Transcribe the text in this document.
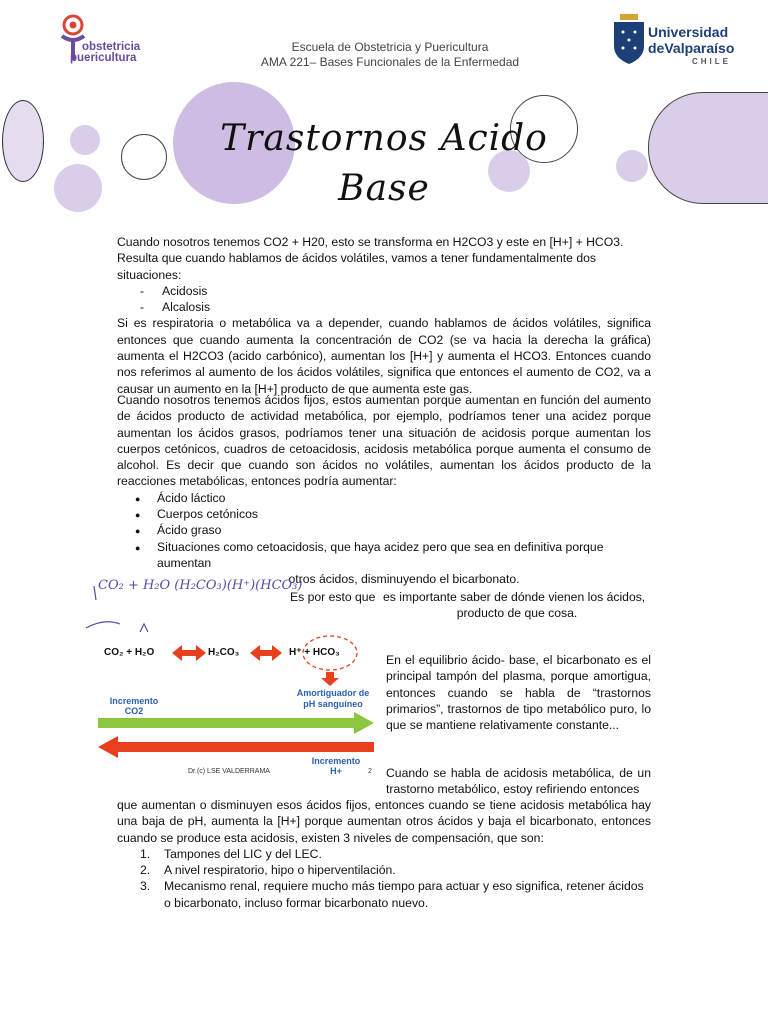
obstetricia
puericultura
Escuela de Obstetricia y Puericultura
AMA 221– Bases Funcionales de la Enfermedad
Universidad
deValparaíso
CHILE
Trastornos Acido
Base
Cuando nosotros tenemos CO2 + H20, esto se transforma en H2CO3 y este en [H+] + HCO3.
Resulta que cuando hablamos de ácidos volátiles, vamos a tener fundamentalmente dos situaciones:
- Acidosis
- Alcalosis
Si es respiratoria o metabólica va a depender, cuando hablamos de ácidos volátiles, significa entonces que cuando aumenta la concentración de CO2 (se va hacia la derecha la gráfica) aumenta el H2CO3 (acido carbónico), aumentan los [H+] y aumenta el HCO3. Entonces cuando nos referimos al aumento de los ácidos volátiles, significa que entonces el aumento de CO2, va a causar un aumento en la [H+] producto de que aumenta este gas.
Cuando nosotros tenemos ácidos fijos, estos aumentan porque aumentan en función del aumento de ácidos producto de actividad metabólica, por ejemplo, podríamos tener una acidez porque aumentan los ácidos grasos, podríamos tener una situación de acidosis porque aumentan los cuerpos cetónicos, cuadros de cetoacidosis, acidosis metabólica porque aumenta el consumo de alcohol. Es decir que cuando son ácidos no volátiles, aumentan los ácidos producto de la reacciones metabólicas, entonces podría aumentar:
● Ácido láctico
● Cuerpos cetónicos
● Ácido graso
● Situaciones como cetoacidosis, que haya acidez pero que sea en definitiva porque aumentan
otros ácidos, disminuyendo el bicarbonato.
CO₂ + H₂O (H₂CO₃)(H⁺)(HCO₃)
CO₂ + H₂O	H₂CO₃	H⁺ + HCO₃
Amortiguador de
pH sanguíneo
Incremento
CO2
Incremento
H+
Dr.(c) LSE VALDERRAMA	2
Es por esto que es importante saber de dónde vienen los ácidos,
producto de que cosa.
En el equilibrio ácido- base, el bicarbonato es el principal tampón del plasma, porque amortigua, entonces cuando se habla de “trastornos primarios”, trastornos de tipo metabólico puro, lo que se mantiene relativamente constante...
Cuando se habla de acidosis metabólica, de un trastorno metabólico, estoy refiriendo entonces
que aumentan o disminuyen esos ácidos fijos, entonces cuando se tiene acidosis metabólica hay una baja de pH, aumenta la [H+] porque aumentan otros ácidos y baja el bicarbonato, entonces cuando se produce esta acidosis, existen 3 niveles de compensación, que son:
1. Tampones del LIC y del LEC.
2. A nivel respiratorio, hipo o hiperventilación.
3. Mecanismo renal, requiere mucho más tiempo para actuar y eso significa, retener ácidos o bicarbonato, incluso formar bicarbonato nuevo.
